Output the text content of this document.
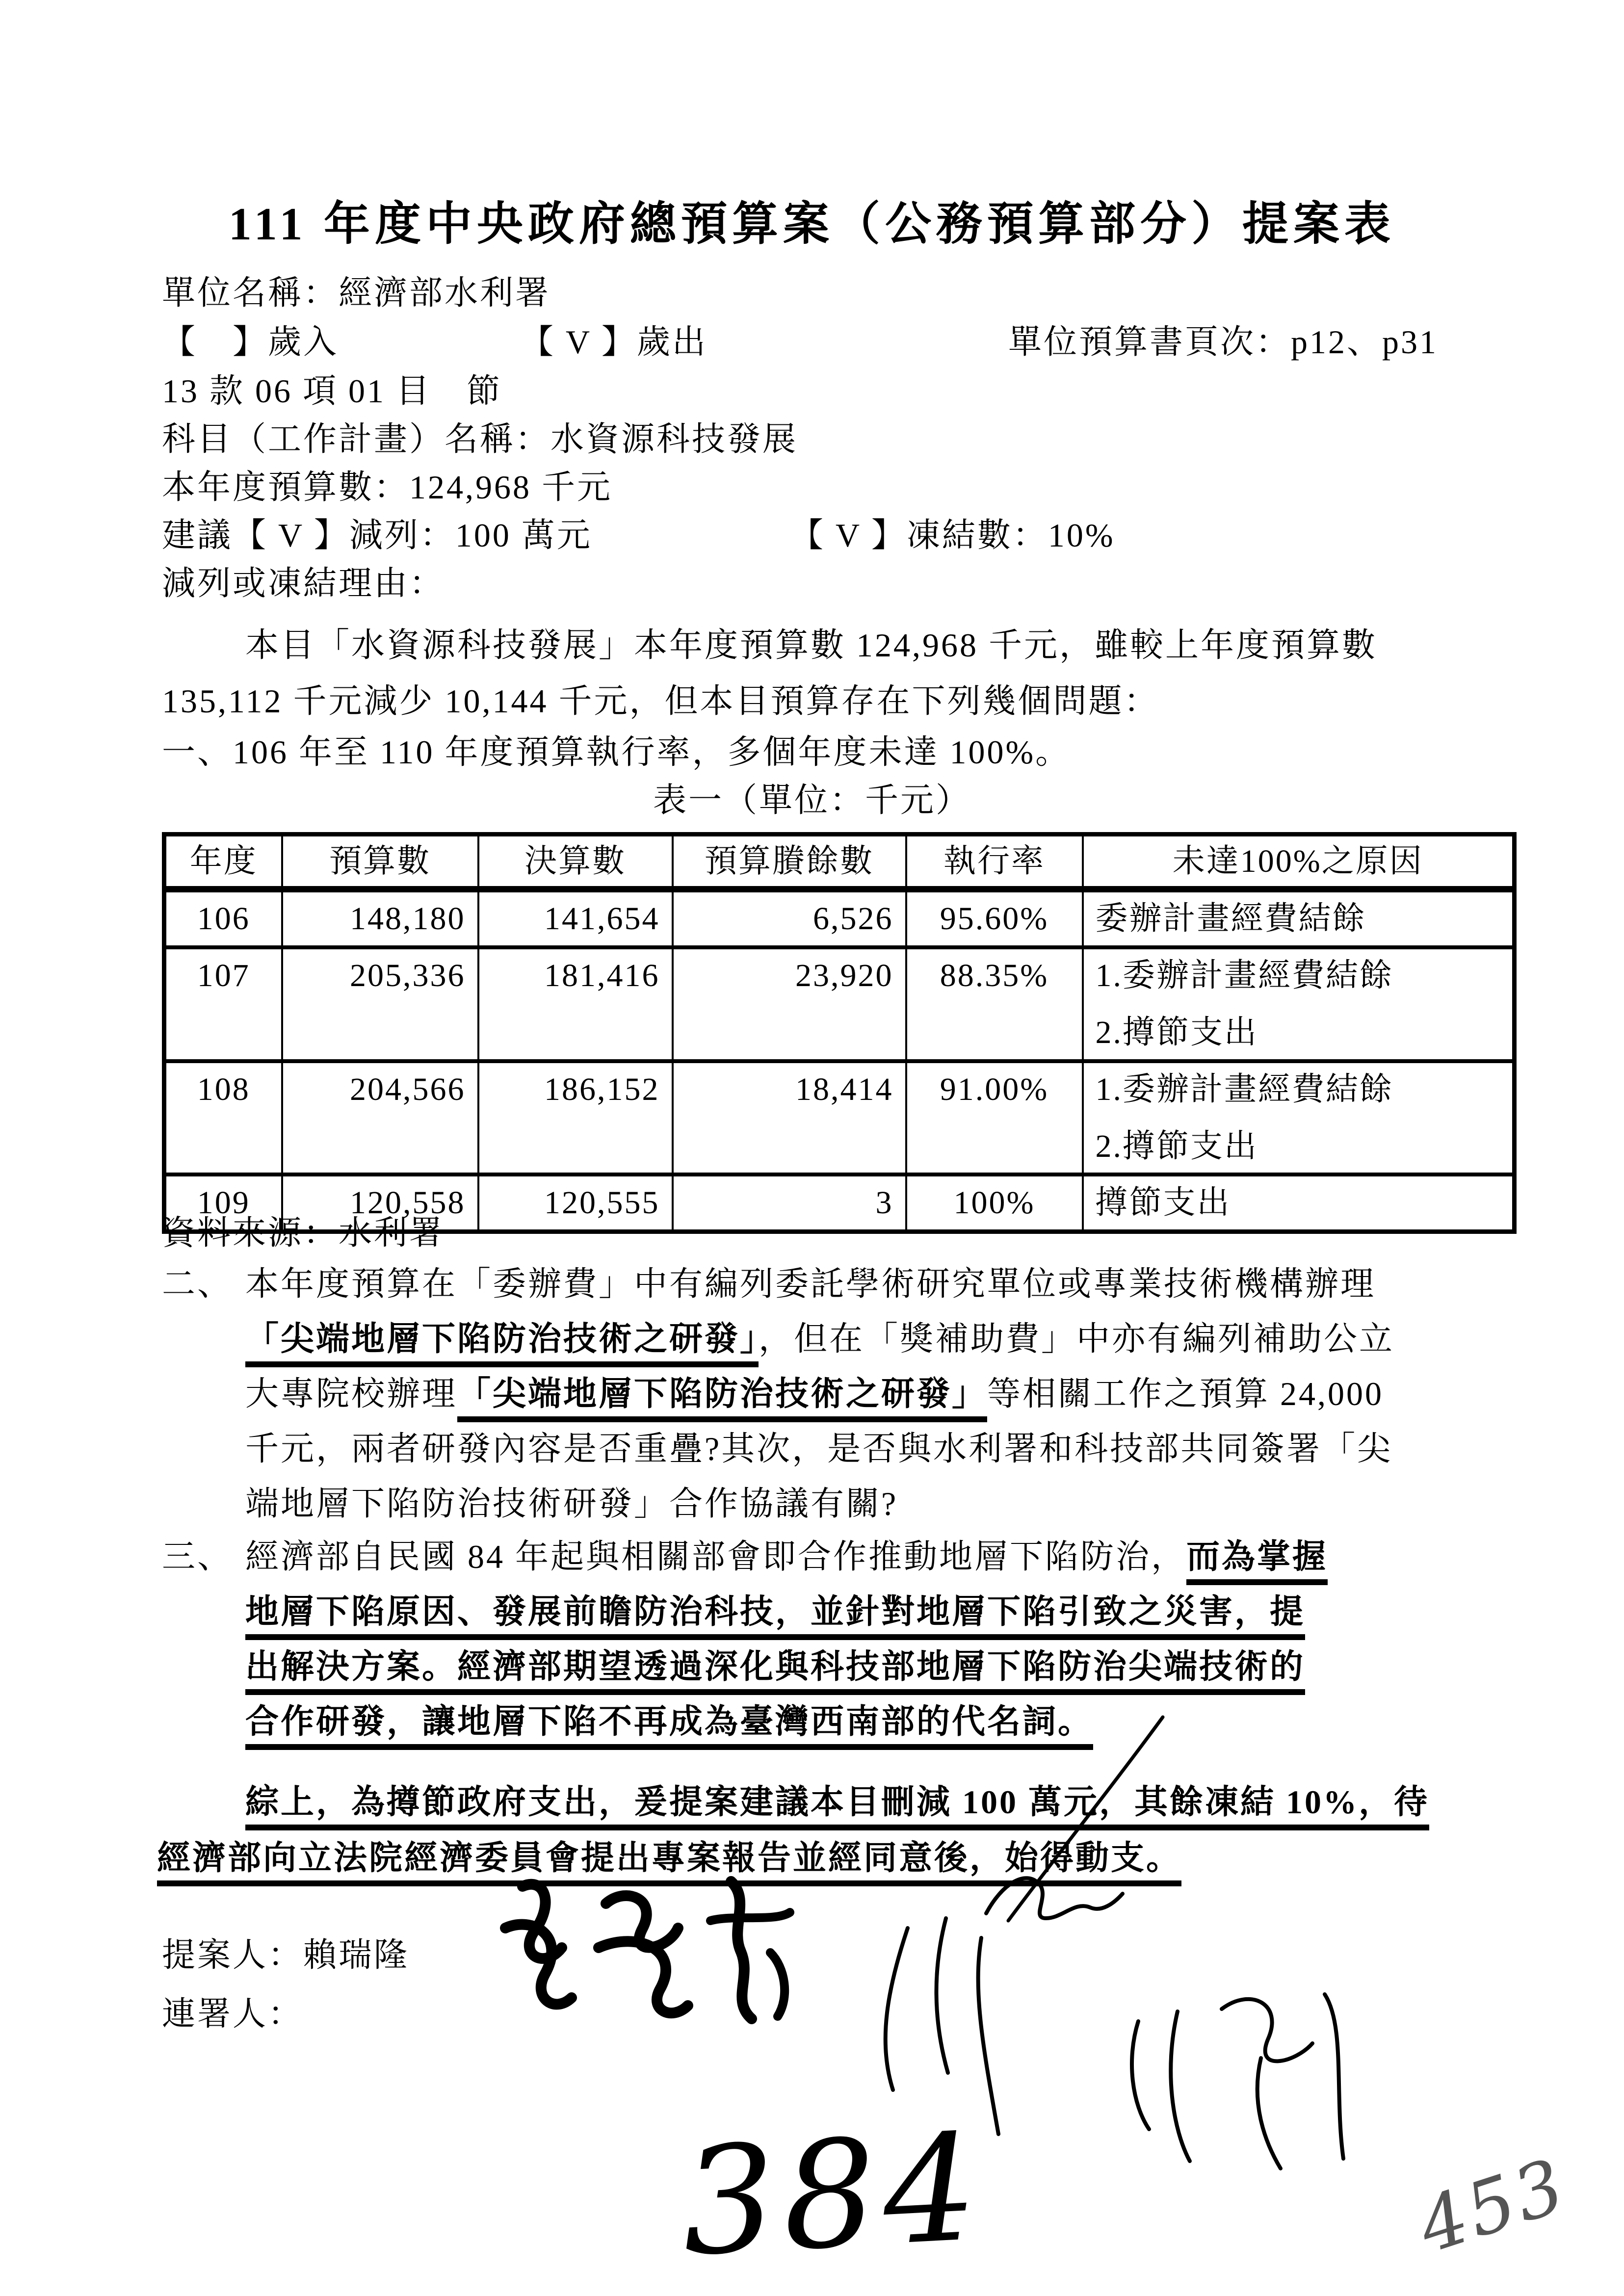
111 年度中央政府總預算案（公務預算部分）提案表
單位名稱：經濟部水利署
【　】歲入	【 V 】歲出	單位預算書頁次：p12、p31
13 款 06 項 01 目　節
科目（工作計畫）名稱：水資源科技發展
本年度預算數：124,968 千元
建議【 V 】減列：100 萬元	【 V 】凍結數：10%
減列或凍結理由：
本目「水資源科技發展」本年度預算數 124,968 千元，雖較上年度預算數
135,112 千元減少 10,144 千元，但本目預算存在下列幾個問題：
一、106 年至 110 年度預算執行率，多個年度未達 100%。
表一（單位：千元）
年度	預算數	決算數	預算賸餘數	執行率	未達100%之原因
106	148,180	141,654	6,526	95.60%	委辦計畫經費結餘

107	205,336	181,416	23,920	88.35%	1.委辦計畫經費結餘
2.撙節支出

108	204,566	186,152	18,414	91.00%	1.委辦計畫經費結餘
2.撙節支出

109	120,558	120,555	3	100%	撙節支出
資料來源：水利署
二、 本年度預算在「委辦費」中有編列委託學術研究單位或專業技術機構辦理
「尖端地層下陷防治技術之研發」，但在「獎補助費」中亦有編列補助公立
大專院校辦理「尖端地層下陷防治技術之研發」等相關工作之預算 24,000
千元，兩者研發內容是否重疊?其次，是否與水利署和科技部共同簽署「尖
端地層下陷防治技術研發」合作協議有關?
三、 經濟部自民國 84 年起與相關部會即合作推動地層下陷防治，而為掌握
地層下陷原因、發展前瞻防治科技，並針對地層下陷引致之災害，提
出解決方案。經濟部期望透過深化與科技部地層下陷防治尖端技術的
合作研發，讓地層下陷不再成為臺灣西南部的代名詞。
綜上，為撙節政府支出，爰提案建議本目刪減 100 萬元，其餘凍結 10%，待
經濟部向立法院經濟委員會提出專案報告並經同意後，始得動支。
提案人：賴瑞隆
連署人：
384	453
